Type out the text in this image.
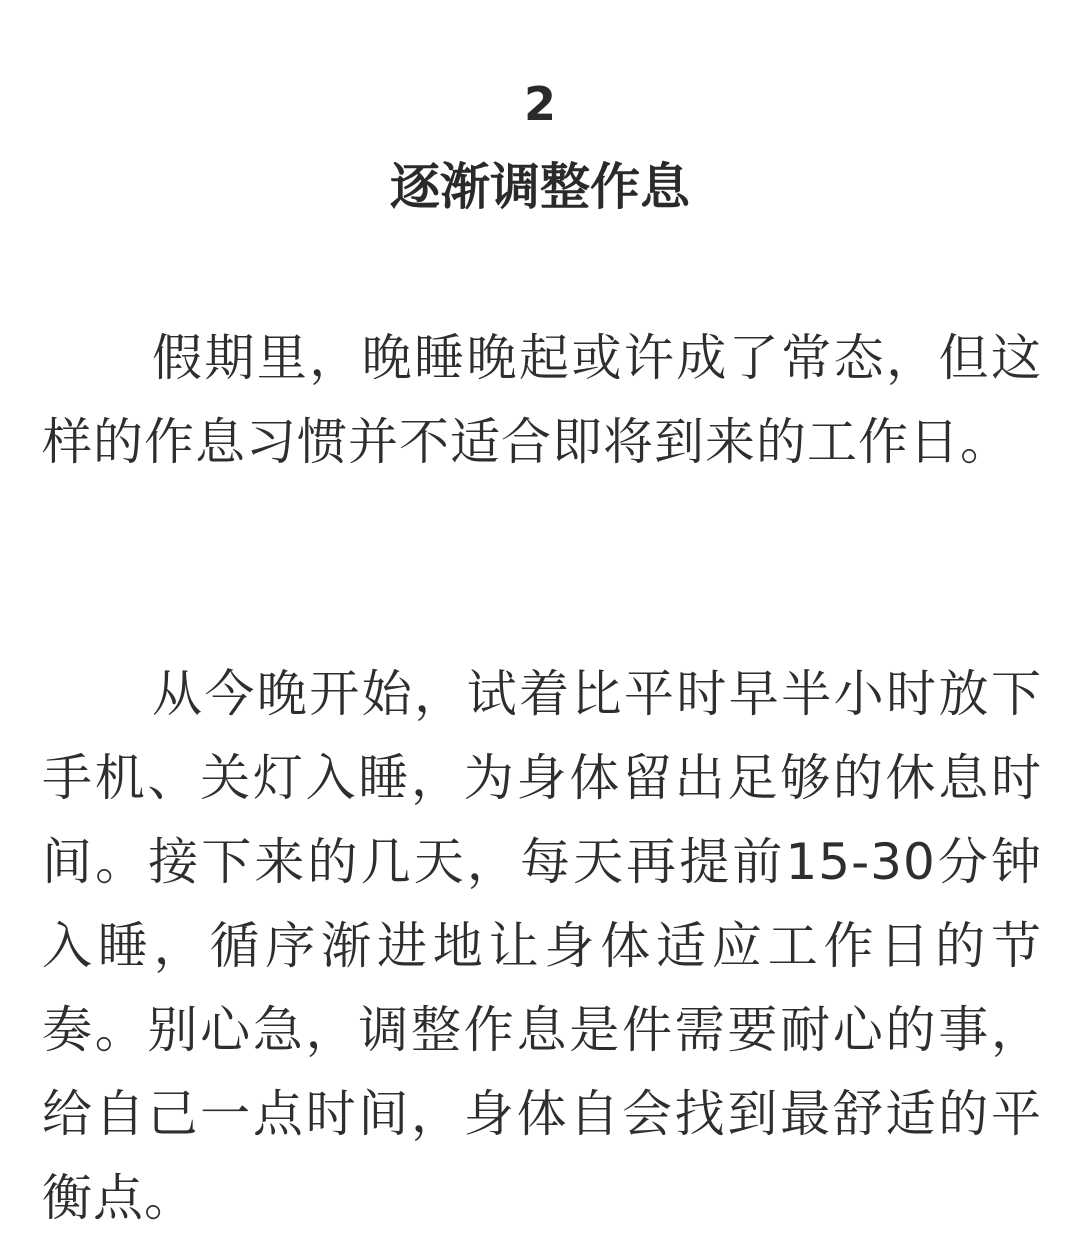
2
逐渐调整作息

假期里，晚睡晚起或许成了常态，但这样的作息习惯并不适合即将到来的工作日。

从今晚开始，试着比平时早半小时放下手机、关灯入睡，为身体留出足够的休息时间。接下来的几天，每天再提前15-30分钟入睡，循序渐进地让身体适应工作日的节奏。别心急，调整作息是件需要耐心的事，给自己一点时间，身体自会找到最舒适的平衡点。
